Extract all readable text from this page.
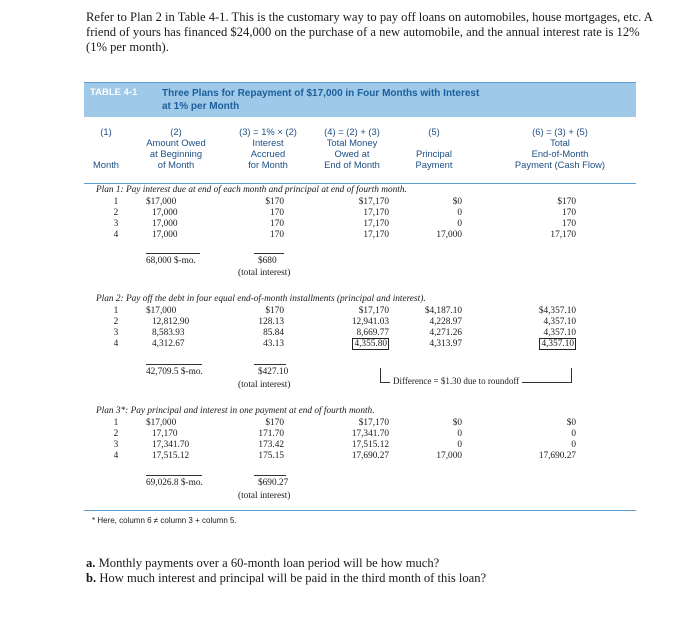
Refer to Plan 2 in Table 4-1. This is the customary way to pay off loans on automobiles, house mortgages, etc. A friend of yours has financed $24,000 on the purchase of a new automobile, and the annual interest rate is 12% (1% per month).
TABLE 4-1 Three Plans for Repayment of $17,000 in Four Months with Interest
at 1% per Month
(1)

Month
(2)
Amount Owed
at Beginning
of Month
(3) = 1% × (2)
Interest
Accrued
for Month
(4) = (2) + (3)
Total Money
Owed at
End of Month
(5)

Principal
Payment
(6) = (3) + (5)
Total
End-of-Month
Payment (Cash Flow)
Plan 1: Pay interest due at end of each month and principal at end of fourth month.
1	$17,000	$170	$17,170	$0	$170
2	17,000	170	17,170	0	170
3	17,000	170	17,170	0	170
4	17,000	170	17,170	17,000	17,170
68,000 $-mo.	$680
(total interest)
Plan 2: Pay off the debt in four equal end-of-month installments (principal and interest).
1	$17,000	$170	$17,170	$4,187.10	$4,357.10
2	12,812.90	128.13	12,941.03	4,228.97	4,357.10
3	8,583.93	85.84	8,669.77	4,271.26	4,357.10
4	4,312.67	43.13	4,355.80	4,313.97	4,357.10
42,709.5 $-mo.	$427.10
(total interest)	Difference = $1.30 due to roundoff
Plan 3*: Pay principal and interest in one payment at end of fourth month.
1	$17,000	$170	$17,170	$0	$0
2	17,170	171.70	17,341.70	0	0
3	17,341.70	173.42	17,515.12	0	0
4	17,515.12	175.15	17,690.27	17,000	17,690.27
69,026.8 $-mo.	$690.27
(total interest)
* Here, column 6 ≠ column 3 + column 5.
a. Monthly payments over a 60-month loan period will be how much?
b. How much interest and principal will be paid in the third month of this loan?
